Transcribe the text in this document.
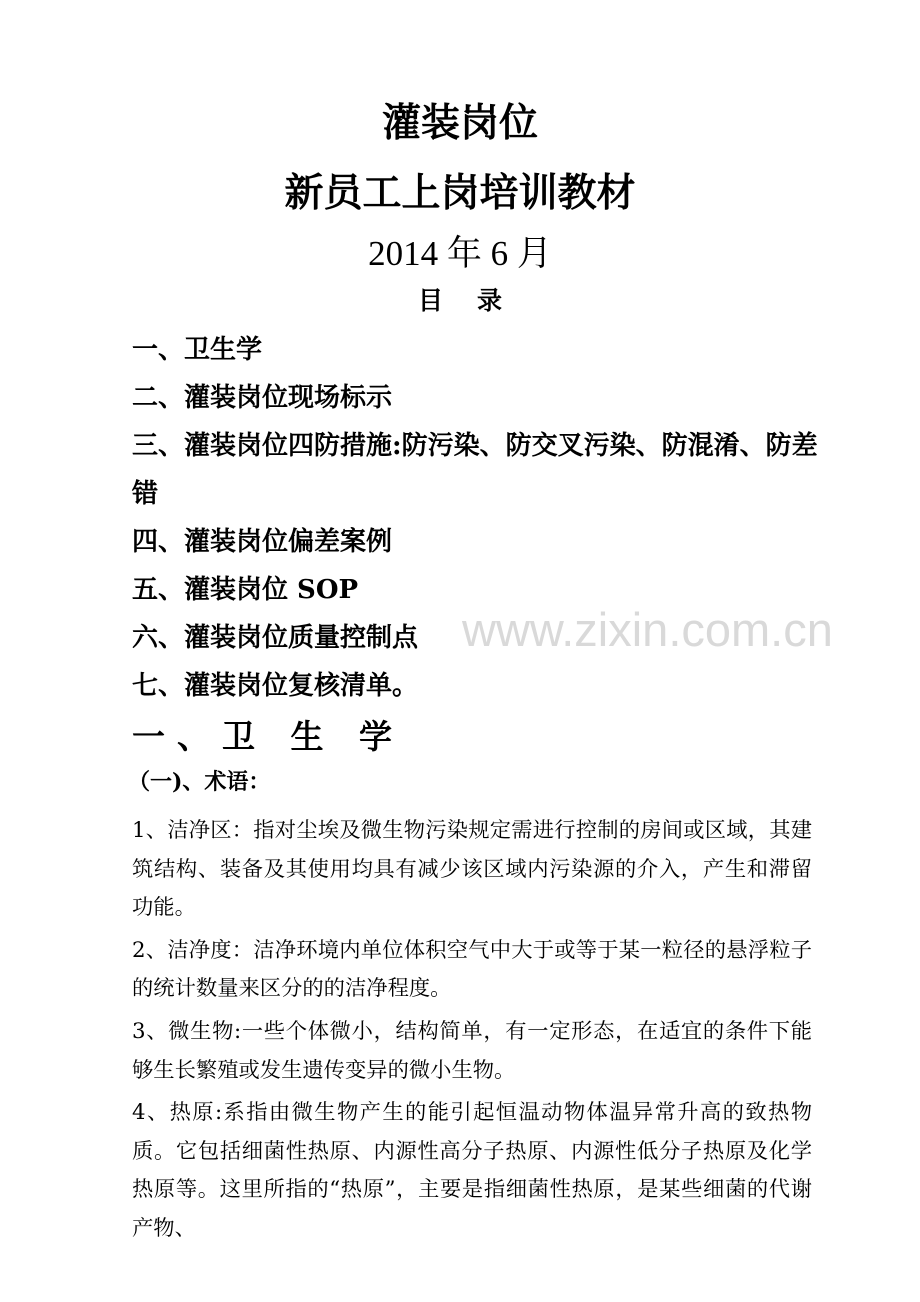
灌装岗位
新员工上岗培训教材
2014 年 6 月
目录
一、卫生学
二、灌装岗位现场标示
三、灌装岗位四防措施:防污染、防交叉污染、防混淆、防差错
四、灌装岗位偏差案例
五、灌装岗位 SOP
六、灌装岗位质量控制点
七、灌装岗位复核清单。
www.zixin.com.cn
一、卫 生 学
（一)、术语：

1、洁净区：指对尘埃及微生物污染规定需进行控制的房间或区域，其建筑结构、装备及其使用均具有减少该区域内污染源的介入，产生和滞留功能。

2、洁净度：洁净环境内单位体积空气中大于或等于某一粒径的悬浮粒子的统计数量来区分的的洁净程度。

3、微生物:一些个体微小，结构简单，有一定形态，在适宜的条件下能够生长繁殖或发生遗传变异的微小生物。

4、热原:系指由微生物产生的能引起恒温动物体温异常升高的致热物质。它包括细菌性热原、内源性高分子热原、内源性低分子热原及化学热原等。这里所指的“热原”，主要是指细菌性热原，是某些细菌的代谢产物、
